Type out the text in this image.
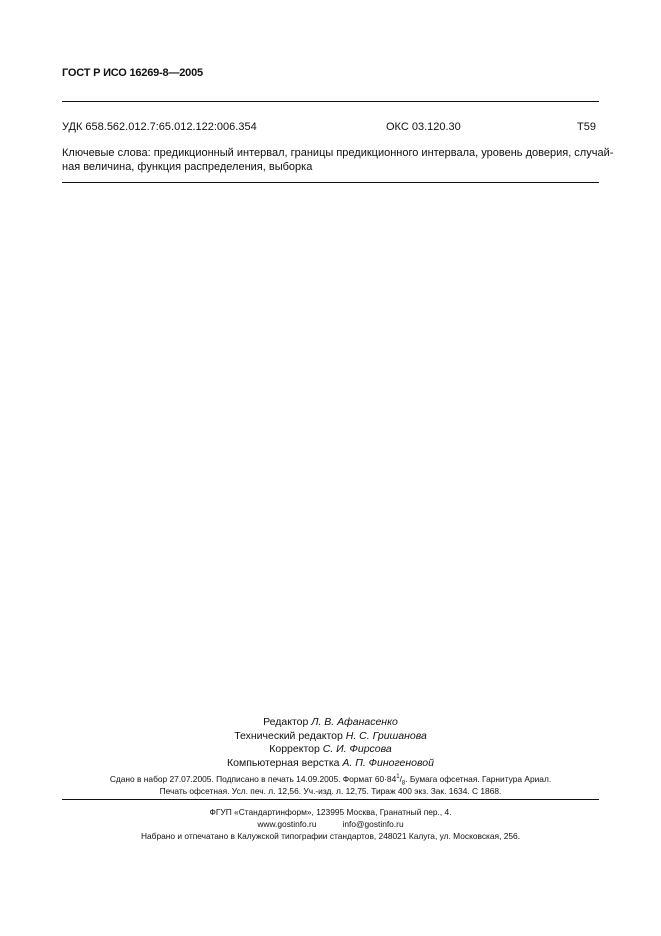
ГОСТ Р ИСО 16269-8—2005
УДК 658.562.012.7:65.012.122:006.354	ОКС 03.120.30	Т59
Ключевые слова: предикционный интервал, границы предикционного интервала, уровень доверия, случай-
ная величина, функция распределения, выборка
Редактор Л. В. Афанасенко
Технический редактор Н. С. Гришанова
Корректор С. И. Фирсова
Компьютерная верстка А. П. Финогеновой
Сдано в набор 27.07.2005. Подписано в печать 14.09.2005. Формат $60\cdot 84^1/_8$. Бумага офсетная. Гарнитура Ариал.
Печать офсетная. Усл. печ. л. 12,56. Уч.-изд. л. 12,75. Тираж 400 экз. Зак. 1634. С 1868.
ФГУП «Стандартинформ», 123995 Москва, Гранатный пер., 4.
www.gostinfo.ru	info@gostinfo.ru
Набрано и отпечатано в Калужской типографии стандартов, 248021 Калуга, ул. Московская, 256.
